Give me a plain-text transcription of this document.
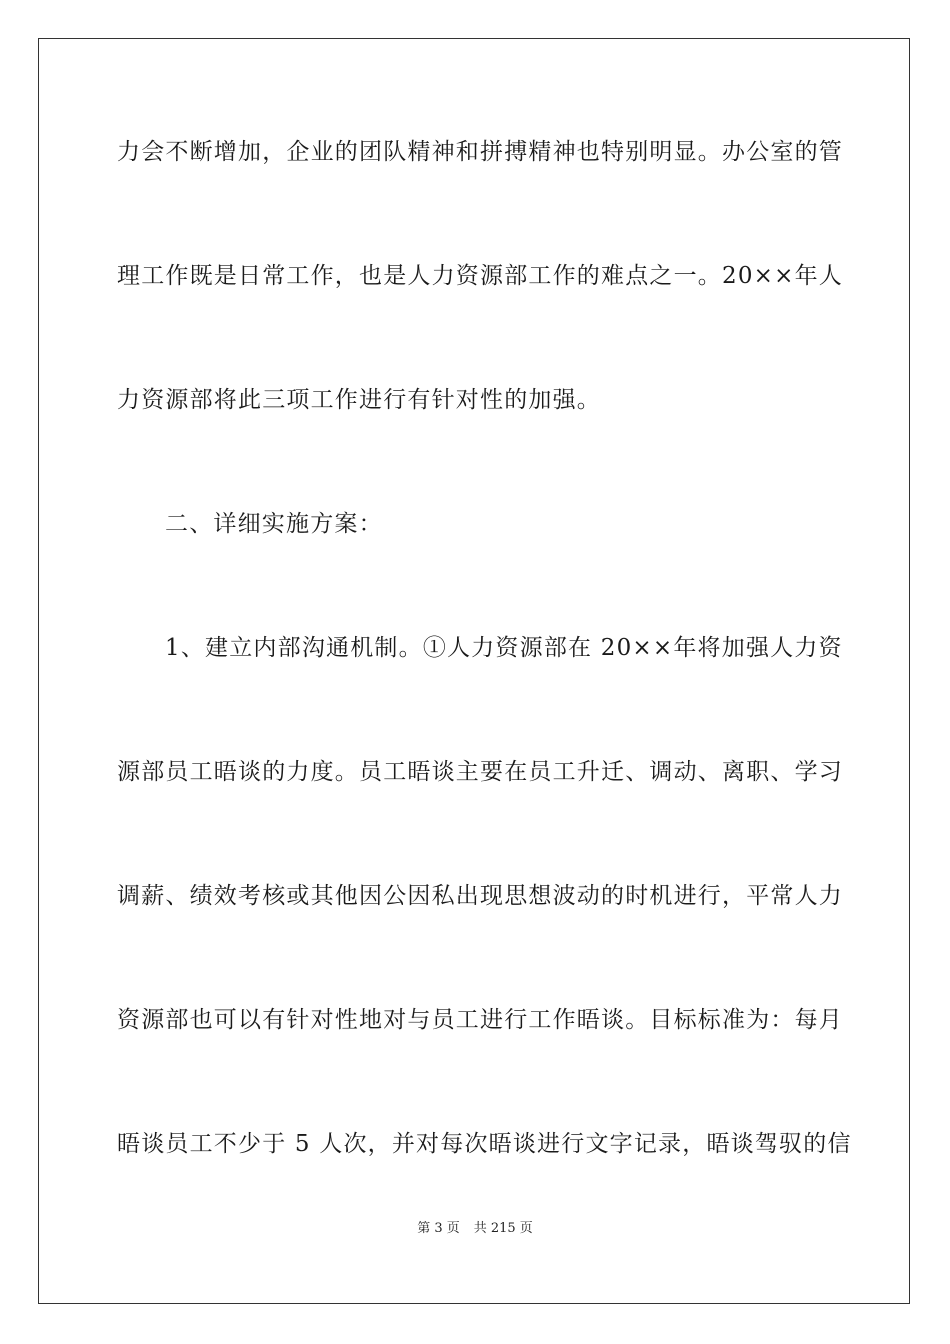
力会不断增加，企业的团队精神和拼搏精神也特别明显。办公室的管
理工作既是日常工作，也是人力资源部工作的难点之一。20××年人
力资源部将此三项工作进行有针对性的加强。
二、详细实施方案：
1、建立内部沟通机制。①人力资源部在 20××年将加强人力资
源部员工晤谈的力度。员工晤谈主要在员工升迁、调动、离职、学习
调薪、绩效考核或其他因公因私出现思想波动的时机进行，平常人力
资源部也可以有针对性地对与员工进行工作晤谈。目标标准为：每月
晤谈员工不少于 5 人次，并对每次晤谈进行文字记录，晤谈驾驭的信
第 3 页 共 215 页
